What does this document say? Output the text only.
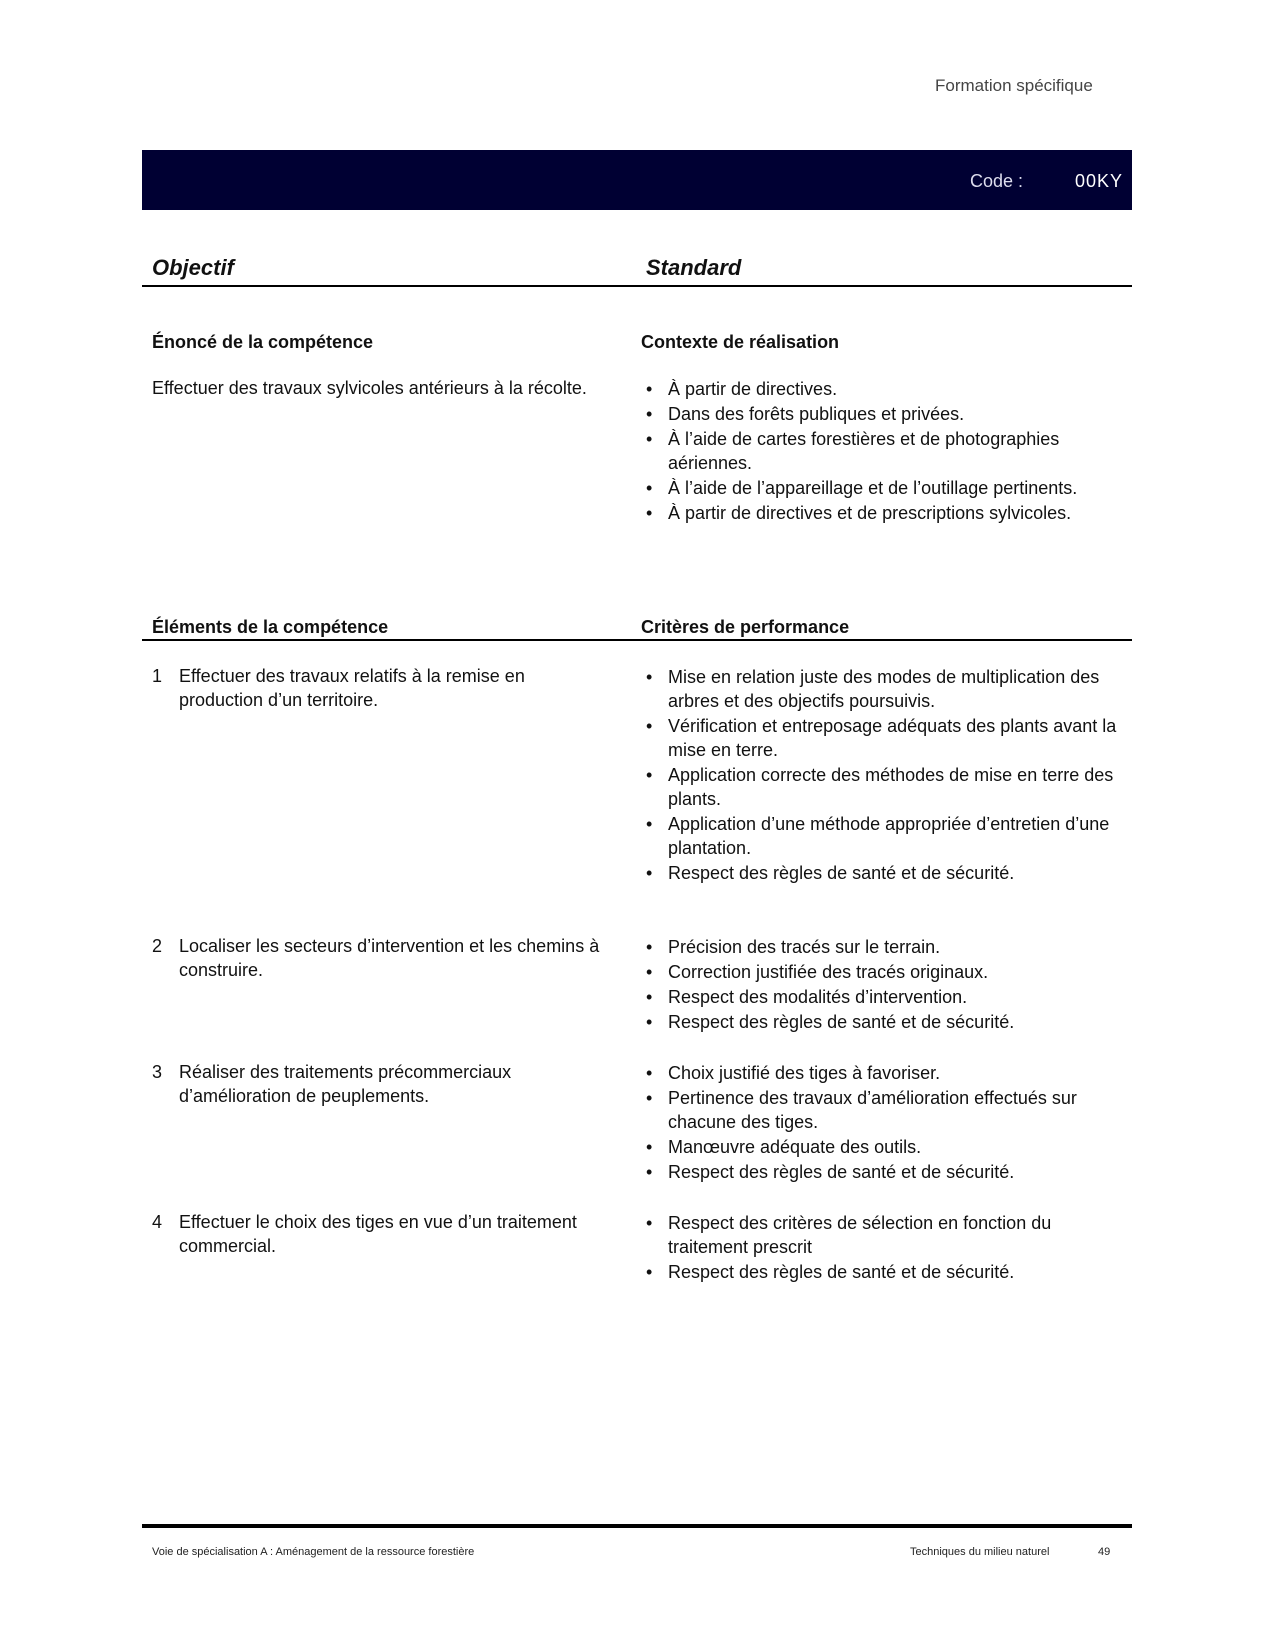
Formation spécifique
Code :	00KY
Objectif	Standard
Énoncé de la compétence	Contexte de réalisation
Effectuer des travaux sylvicoles antérieurs à la récolte.
•	À partir de directives.
• Dans des forêts publiques et privées.
• À l’aide de cartes forestières et de photographies aériennes.
• À l’aide de l’appareillage et de l’outillage pertinents.
• À partir de directives et de prescriptions sylvicoles.
Éléments de la compétence	Critères de performance
1 Effectuer des travaux relatifs à la remise en production d’un territoire.
• Mise en relation juste des modes de multiplication des arbres et des objectifs poursuivis.
• Vérification et entreposage adéquats des plants avant la mise en terre.
• Application correcte des méthodes de mise en terre des plants.
• Application d’une méthode appropriée d’entretien d’une plantation.
• Respect des règles de santé et de sécurité.
2 Localiser les secteurs d’intervention et les chemins à construire.
• Précision des tracés sur le terrain.
• Correction justifiée des tracés originaux.
• Respect des modalités d’intervention.
• Respect des règles de santé et de sécurité.
3 Réaliser des traitements précommerciaux d’amélioration de peuplements.
• Choix justifié des tiges à favoriser.
• Pertinence des travaux d’amélioration effectués sur chacune des tiges.
• Manœuvre adéquate des outils.
• Respect des règles de santé et de sécurité.
4 Effectuer le choix des tiges en vue d’un traitement commercial.
• Respect des critères de sélection en fonction du traitement prescrit
• Respect des règles de santé et de sécurité.
Voie de spécialisation A : Aménagement de la ressource forestière	Techniques du milieu naturel	49
